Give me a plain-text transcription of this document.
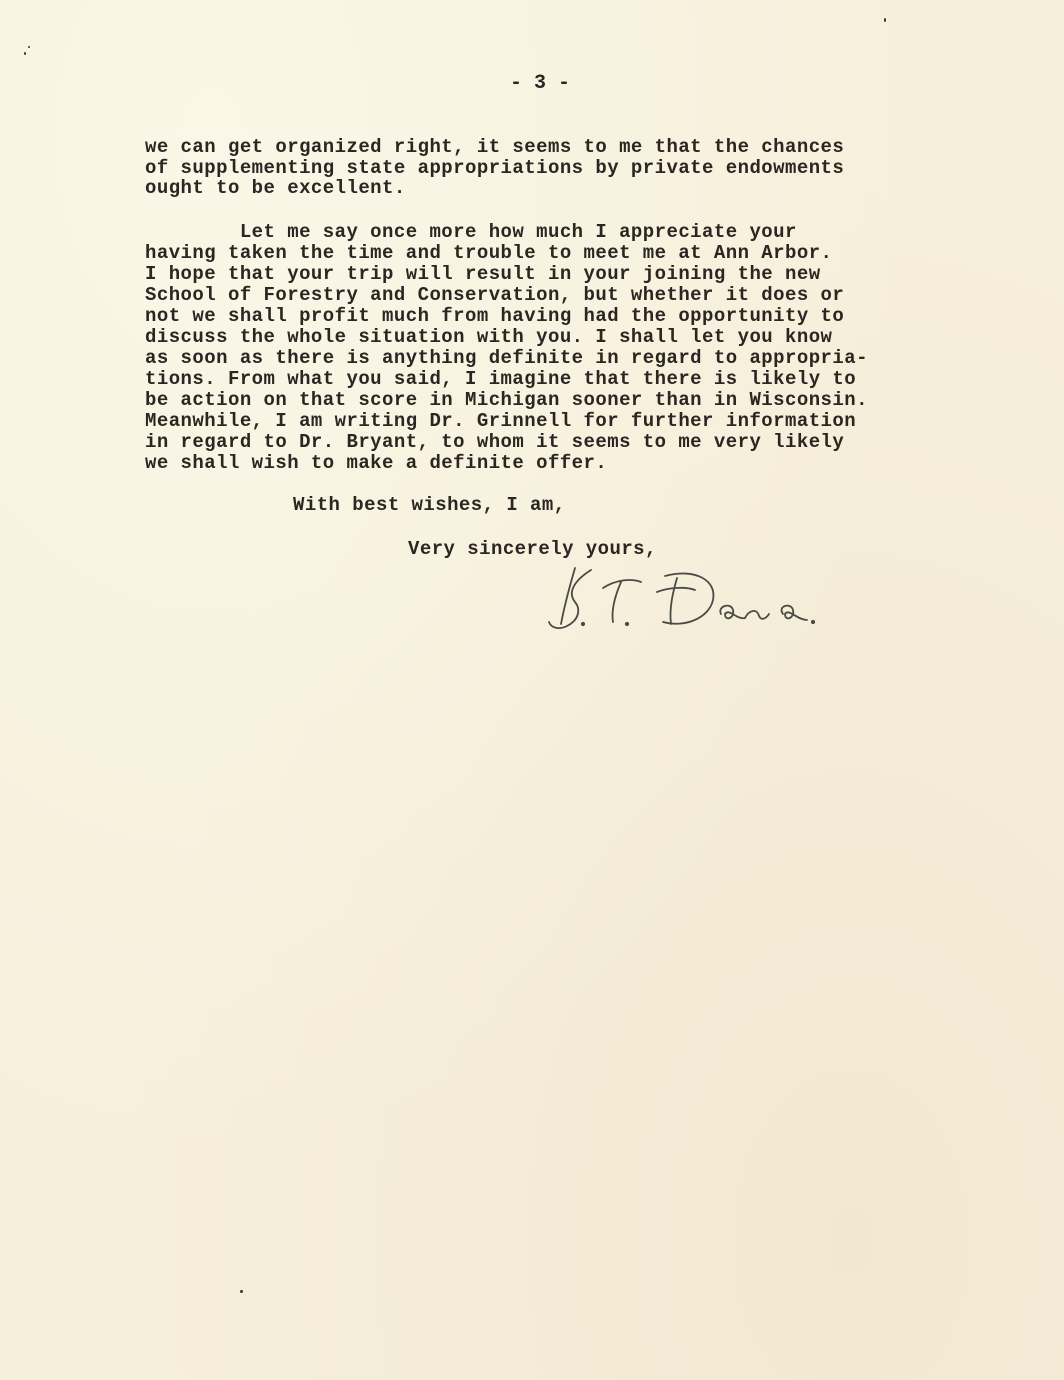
- 3 -
we can get organized right, it seems to me that the chances
of supplementing state appropriations by private endowments
ought to be excellent.
Let me say once more how much I appreciate your
having taken the time and trouble to meet me at Ann Arbor.
I hope that your trip will result in your joining the new
School of Forestry and Conservation, but whether it does or
not we shall profit much from having had the opportunity to
discuss the whole situation with you. I shall let you know
as soon as there is anything definite in regard to appropria-
tions. From what you said, I imagine that there is likely to
be action on that score in Michigan sooner than in Wisconsin.
Meanwhile, I am writing Dr. Grinnell for further information
in regard to Dr. Bryant, to whom it seems to me very likely
we shall wish to make a definite offer.
With best wishes, I am,
Very sincerely yours,
